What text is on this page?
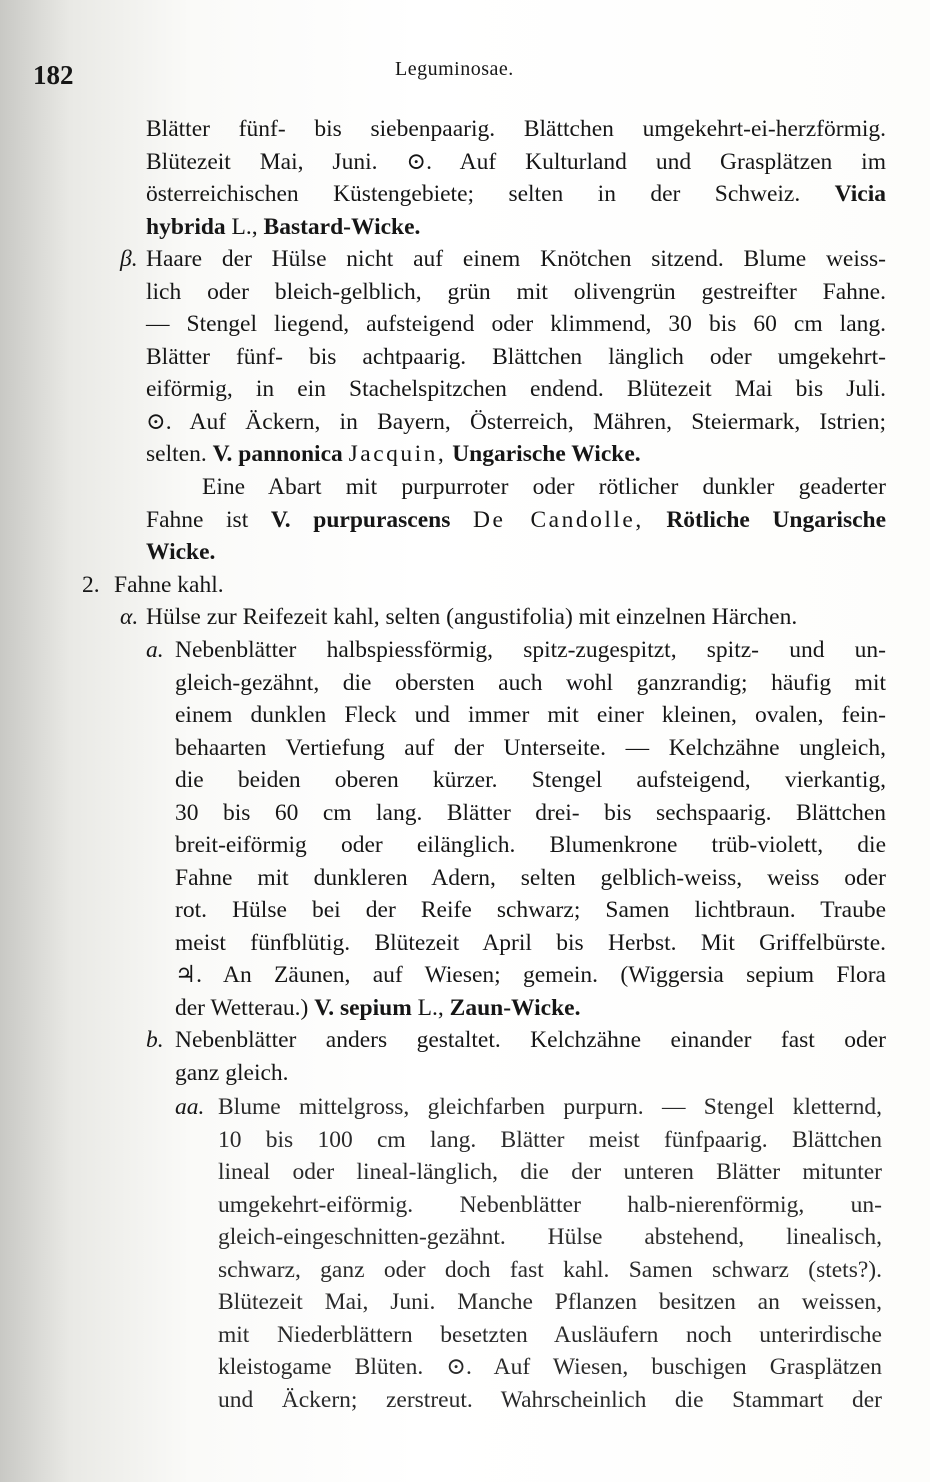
182	Leguminosae.
Blätter fünf- bis siebenpaarig. Blättchen umgekehrt-ei-herzförmig.
Blütezeit Mai, Juni. ⊙. Auf Kulturland und Grasplätzen im
österreichischen Küstengebiete; selten in der Schweiz. Vicia
hybrida L., Bastard-Wicke.
β. Haare der Hülse nicht auf einem Knötchen sitzend. Blume weiss-
lich oder bleich-gelblich, grün mit olivengrün gestreifter Fahne.
— Stengel liegend, aufsteigend oder klimmend, 30 bis 60 cm lang.
Blätter fünf- bis achtpaarig. Blättchen länglich oder umgekehrt-
eiförmig, in ein Stachelspitzchen endend. Blütezeit Mai bis Juli.
⊙. Auf Äckern, in Bayern, Österreich, Mähren, Steiermark, Istrien;
selten. V. pannonica Jacquin, Ungarische Wicke.
Eine Abart mit purpurroter oder rötlicher dunkler geaderter
Fahne ist V. purpurascens De Candolle, Rötliche Ungarische
Wicke.
2. Fahne kahl.
α. Hülse zur Reifezeit kahl, selten (angustifolia) mit einzelnen Härchen.
a. Nebenblätter halbspiessförmig, spitz-zugespitzt, spitz- und un-
gleich-gezähnt, die obersten auch wohl ganzrandig; häufig mit
einem dunklen Fleck und immer mit einer kleinen, ovalen, fein-
behaarten Vertiefung auf der Unterseite. — Kelchzähne ungleich,
die beiden oberen kürzer. Stengel aufsteigend, vierkantig,
30 bis 60 cm lang. Blätter drei- bis sechspaarig. Blättchen
breit-eiförmig oder eilänglich. Blumenkrone trüb-violett, die
Fahne mit dunkleren Adern, selten gelblich-weiss, weiss oder
rot. Hülse bei der Reife schwarz; Samen lichtbraun. Traube
meist fünfblütig. Blütezeit April bis Herbst. Mit Griffelbürste.
♃. An Zäunen, auf Wiesen; gemein. (Wiggersia sepium Flora
der Wetterau.) V. sepium L., Zaun-Wicke.
b. Nebenblätter anders gestaltet. Kelchzähne einander fast oder
ganz gleich.
aa. Blume mittelgross, gleichfarben purpurn. — Stengel kletternd,
10 bis 100 cm lang. Blätter meist fünfpaarig. Blättchen
lineal oder lineal-länglich, die der unteren Blätter mitunter
umgekehrt-eiförmig. Nebenblätter halb-nierenförmig, un-
gleich-eingeschnitten-gezähnt. Hülse abstehend, linealisch,
schwarz, ganz oder doch fast kahl. Samen schwarz (stets?).
Blütezeit Mai, Juni. Manche Pflanzen besitzen an weissen,
mit Niederblättern besetzten Ausläufern noch unterirdische
kleistogame Blüten. ⊙. Auf Wiesen, buschigen Grasplätzen
und Äckern; zerstreut. Wahrscheinlich die Stammart der
